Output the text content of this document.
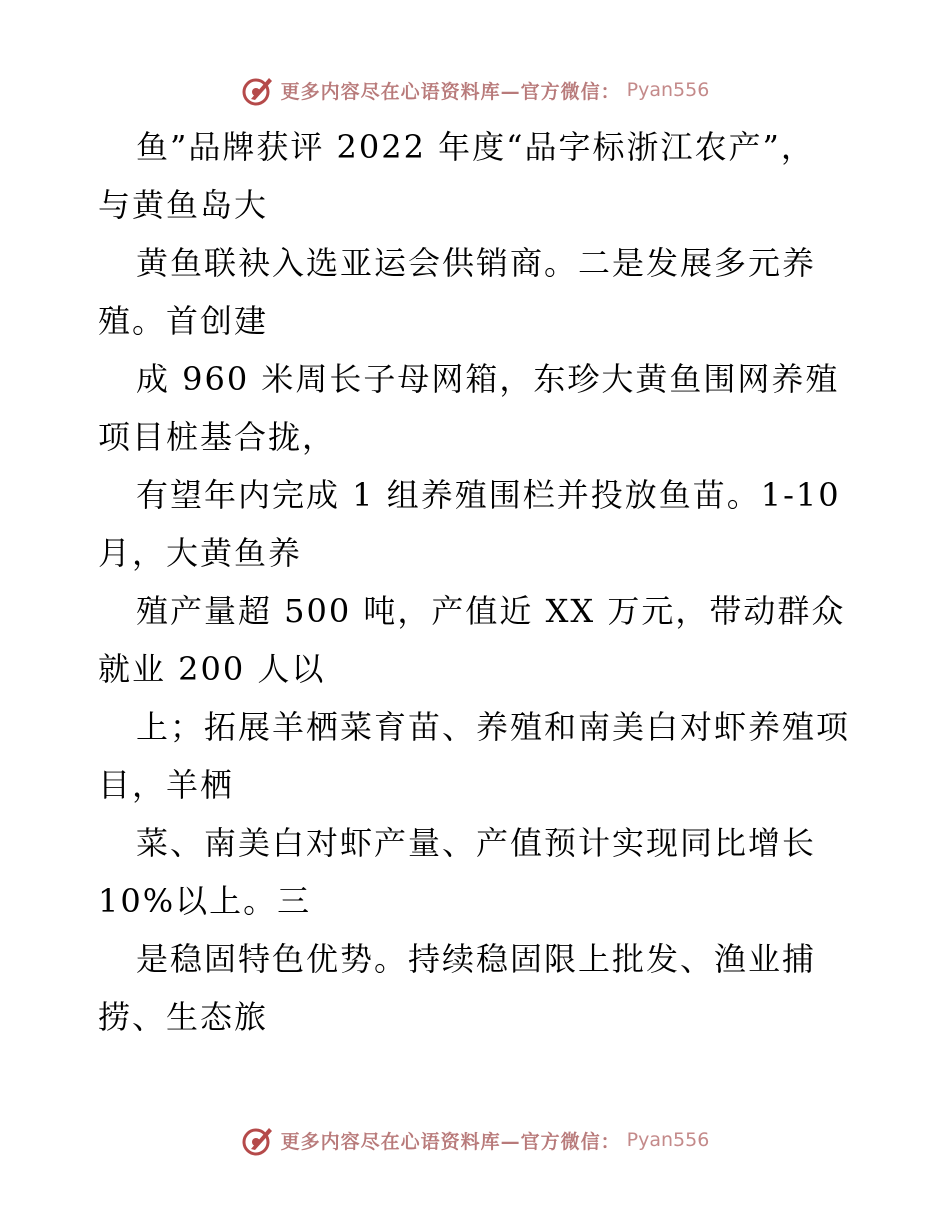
更多内容尽在心语资料库—官方微信： Pyan556
鱼”品牌获评 2022 年度“品字标浙江农产”，
与黄鱼岛大
黄鱼联袂入选亚运会供销商。二是发展多元养
殖。首创建
成 960 米周长子母网箱，东珍大黄鱼围网养殖
项目桩基合拢，
有望年内完成 1 组养殖围栏并投放鱼苗。1-10
月，大黄鱼养
殖产量超 500 吨，产值近 XX 万元，带动群众
就业 200 人以
上；拓展羊栖菜育苗、养殖和南美白对虾养殖项
目，羊栖
菜、南美白对虾产量、产值预计实现同比增长
10%以上。三
是稳固特色优势。持续稳固限上批发、渔业捕
捞、生态旅
更多内容尽在心语资料库—官方微信： Pyan556
